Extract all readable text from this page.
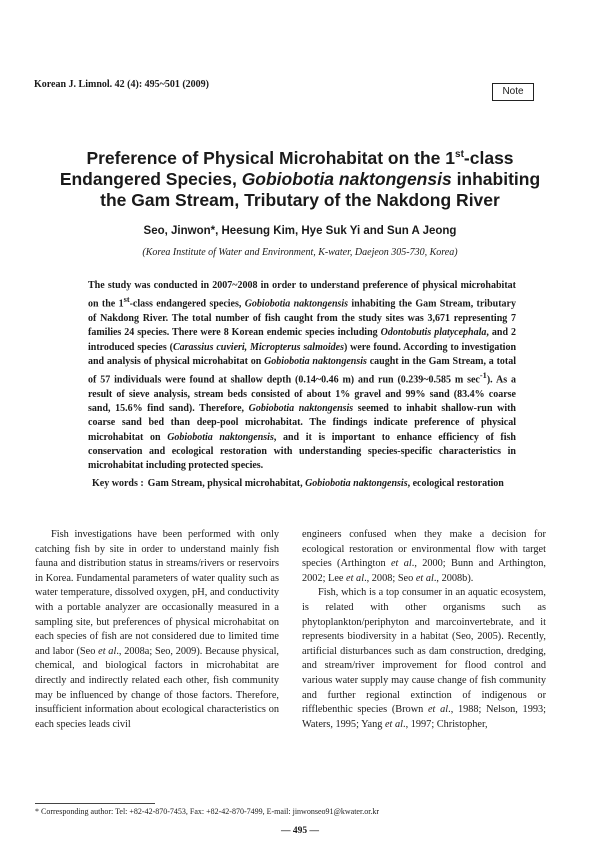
Korean J. Limnol. 42 (4): 495~501 (2009)
Note
Preference of Physical Microhabitat on the 1st-class
Endangered Species, Gobiobotia naktongensis inhabiting
the Gam Stream, Tributary of the Nakdong River
Seo, Jinwon*, Heesung Kim, Hye Suk Yi and Sun A Jeong
(Korea Institute of Water and Environment, K-water, Daejeon 305-730, Korea)

The study was conducted in 2007~2008 in order to understand preference of physical microhabitat on the 1st-class endangered species, Gobiobotia naktongensis inhabiting the Gam Stream, tributary of Nakdong River. The total number of fish caught from the study sites was 3,671 representing 7 families 24 species. There were 8 Korean endemic species including Odontobutis platycephala, and 2 introduced species (Carassius cuvieri, Micropterus salmoides) were found. According to investigation and analysis of physical microhabitat on Gobiobotia naktongensis caught in the Gam Stream, a total of 57 individuals were found at shallow depth (0.14~0.46 m) and run (0.239~0.585 m $\sec^{-1}$). As a result of sieve analysis, stream beds consisted of about 1% gravel and 99% sand (83.4% coarse sand, 15.6% find sand). Therefore, Gobiobotia naktongensis seemed to inhabit shallow-run with coarse sand bed than deep-pool microhabitat. The findings indicate preference of physical microhabitat on Gobiobotia naktongensis, and it is important to enhance efficiency of fish conservation and ecological restoration with understanding species-specific characteristics in microhabitat including protected species.

Key words : Gam Stream, physical microhabitat, Gobiobotia naktongensis, ecological restoration

Fish investigations have been performed with only catching fish by site in order to understand mainly fish fauna and distribution status in streams/rivers or reservoirs in Korea. Fundamental parameters of water quality such as water temperature, dissolved oxygen, pH, and conductivity with a portable analyzer are occasionally measured in a sampling site, but preferences of physical microhabitat on each species of fish are not considered due to limited time and labor (Seo et al., 2008a; Seo, 2009). Because physical, chemical, and biological factors in microhabitat are directly and indirectly related each other, fish community may be influenced by change of those factors. Therefore, insufficient information about ecological characteristics on each species leads civil

engineers confused when they make a decision for ecological restoration or environmental flow with target species (Arthington et al., 2000; Bunn and Arthington, 2002; Lee et al., 2008; Seo et al., 2008b).

Fish, which is a top consumer in an aquatic ecosystem, is related with other organisms such as phytoplankton/periphyton and marcoinvertebrate, and it represents biodiversity in a habitat (Seo, 2005). Recently, artificial disturbances such as dam construction, dredging, and stream/river improvement for flood control and various water supply may cause change of fish community and further regional extinction of indigenous or rifflebenthic species (Brown et al., 1988; Nelson, 1993; Waters, 1995; Yang et al., 1997; Christopher,

* Corresponding author: Tel: +82-42-870-7453, Fax: +82-42-870-7499, E-mail: jinwonseo91@kwater.or.kr
— 495 —
